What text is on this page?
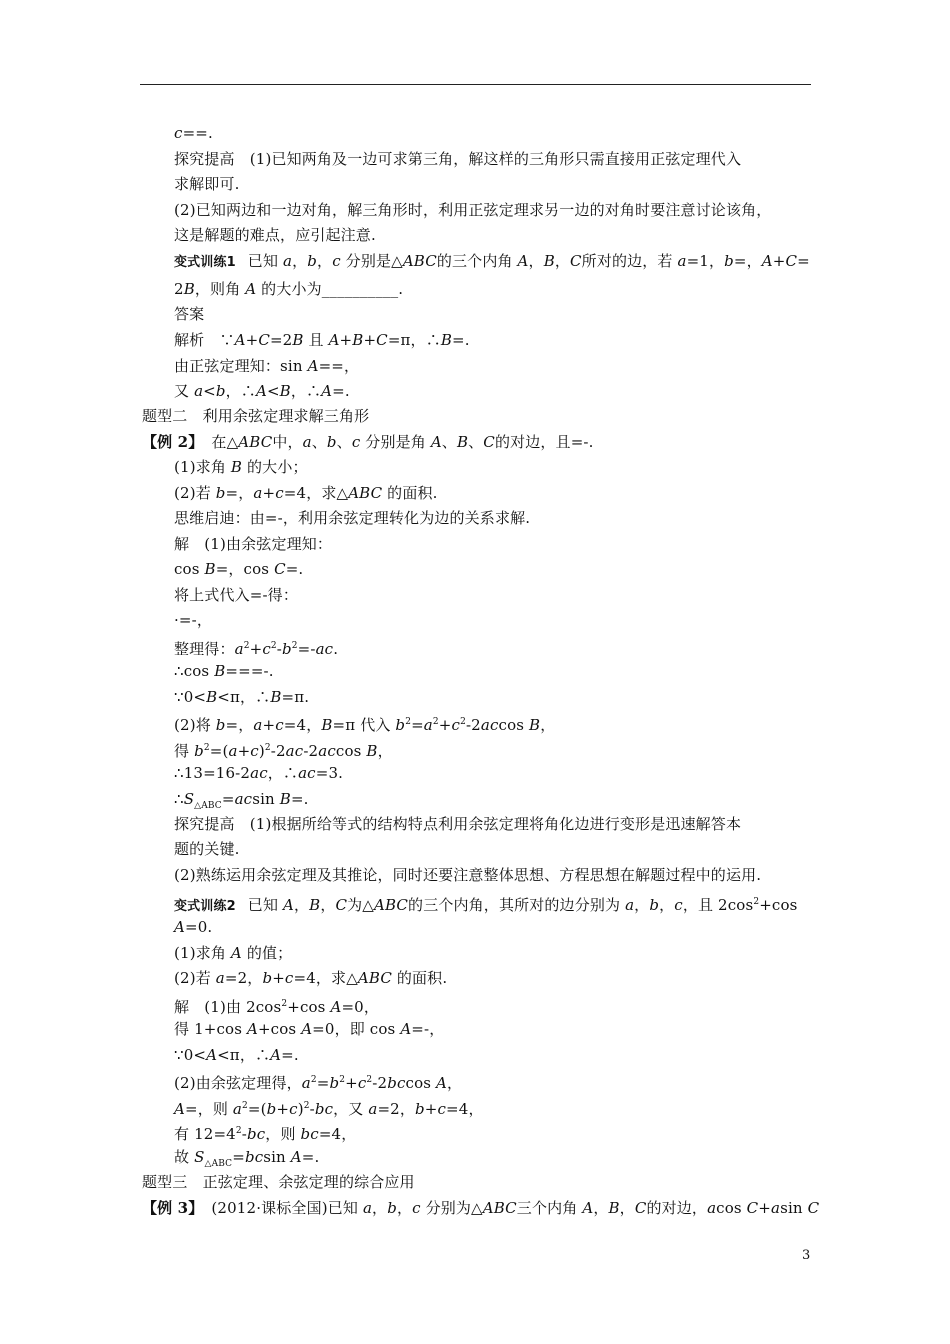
c==.
探究提高　(1)已知两角及一边可求第三角，解这样的三角形只需直接用正弦定理代入
求解即可.
(2)已知两边和一边对角，解三角形时，利用正弦定理求另一边的对角时要注意讨论该角，
这是解题的难点，应引起注意.
变式训练1 已知 a，b，c 分别是△ABC的三个内角 A，B，C所对的边，若 a=1，b=，A+C=
2B，则角 A 的大小为__________.
答案
解析　∵A+C=2B 且 A+B+C=π，∴B=.
由正弦定理知：sin A==，
又 a<b，∴A<B，∴A=.
题型二　利用余弦定理求解三角形
【例 2】 在△ABC中，a、b、c 分别是角 A、B、C的对边，且=-.
(1)求角 B 的大小；
(2)若 b=，a+c=4，求△ABC 的面积.
思维启迪：由=-，利用余弦定理转化为边的关系求解.
解　(1)由余弦定理知：
cos B=，cos C=.
将上式代入=-得：
·=-，
整理得：$a^2+c^2-b^2=-ac$.
∴cos B===-.
∵0<B<π，∴B=π.
(2)将 b=，a+c=4，B=π 代入 $b^2=a^2+c^2-2accos$ B，
得 $b^2=(a+c)^2-2ac-2accos$ B，
∴13=16-2ac，∴ac=3.
$\therefore S_{\triangle ABC}=acsin$ B=.
探究提高　(1)根据所给等式的结构特点利用余弦定理将角化边进行变形是迅速解答本
题的关键.
(2)熟练运用余弦定理及其推论，同时还要注意整体思想、方程思想在解题过程中的运用.
变式训练2 已知 A，B，C为△ABC的三个内角，其所对的边分别为 a，b，c，且 $2\cos^2+\cos$
A=0.
(1)求角 A 的值；
(2)若 a=2，b+c=4，求△ABC 的面积.
解　(1)由 $2\cos^2+\cos$ A=0，
得 1+cos A+cos A=0，即 cos A=-，
∵0<A<π，∴A=.
(2)由余弦定理得，$a^2=b^2+c^2-2bccos$ A，
A=，则 $a^2=(b+c)^2-bc$，又 a=2，b+c=4，
有 $12=4^2-bc$，则 bc=4，
故 $S_{\triangle ABC}=bcsin$ A=.
题型三　正弦定理、余弦定理的综合应用
【例 3】 (2012·课标全国)已知 a，b，c 分别为△ABC三个内角 A，B，C的对边，acos C+asin C
3
